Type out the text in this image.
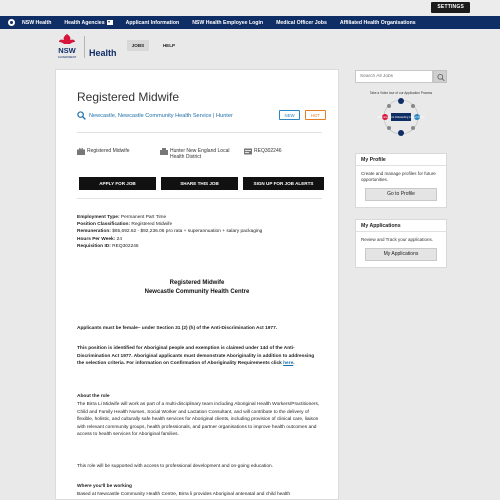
SETTINGS
NSW Health	Health Agencies	Applicant Information	NSW Health Employee Login	Medical Officer Jobs	Affiliated Health Organisations
NSW
GOVERNMENT Health
JOBS	HELP
Registered Midwife
Newcastle, Newcastle Community Health Service | Hunter	NEW	HOT
Registered Midwife	Hunter New England Local Health District
REQ302246
APPLY FOR JOB	SHARE THIS JOB	SIGN UP FOR JOB ALERTS
Employment Type: Permanent Part Time
Position Classification: Registered Midwife
Remuneration: $65,692.62 - $92,236.06 pro rata + superannuation + salary packaging
Hours Per Week: 24
Requisition ID: REQ302246
Registered Midwife
Newcastle Community Health Centre
Applicants must be female– under Section 31 (2) (h) of the Anti-Discrimination Act 1977.
This position is identified for Aboriginal people and exemption is claimed under 14d of the Anti-Discrimination Act 1977. Aboriginal applicants must demonstrate Aboriginality in addition to addressing the selection criteria. For information on Confirmation of Aboriginality Requirements click here.
About the role
The Birra Li Midwife will work as part of a multi-disciplinary team including Aboriginal Health Workers/Practitioners, Child and Family Health Nurses, Social Worker and Lactation Consultant, and will contribute to the delivery of flexible, holistic, and culturally safe health services for Aboriginal clients, including provision of clinical care, liaison with relevant community groups, health professionals, and partner organisations to improve health outcomes and access to health services for Aboriginal families.
This role will be supported with access to professional development and on-going education.
Where you'll be working
Based at Newcastle Community Health Centre, Birra li provides Aboriginal antenatal and child health
Search All Jobs
Take a Video tour of our Application Process
Recruitment & Onboarding Career Portal
My Profile
Create and manage profiles for future opportunities.
Go to Profile
My Applications
Review and Track your applications.
My Applications
